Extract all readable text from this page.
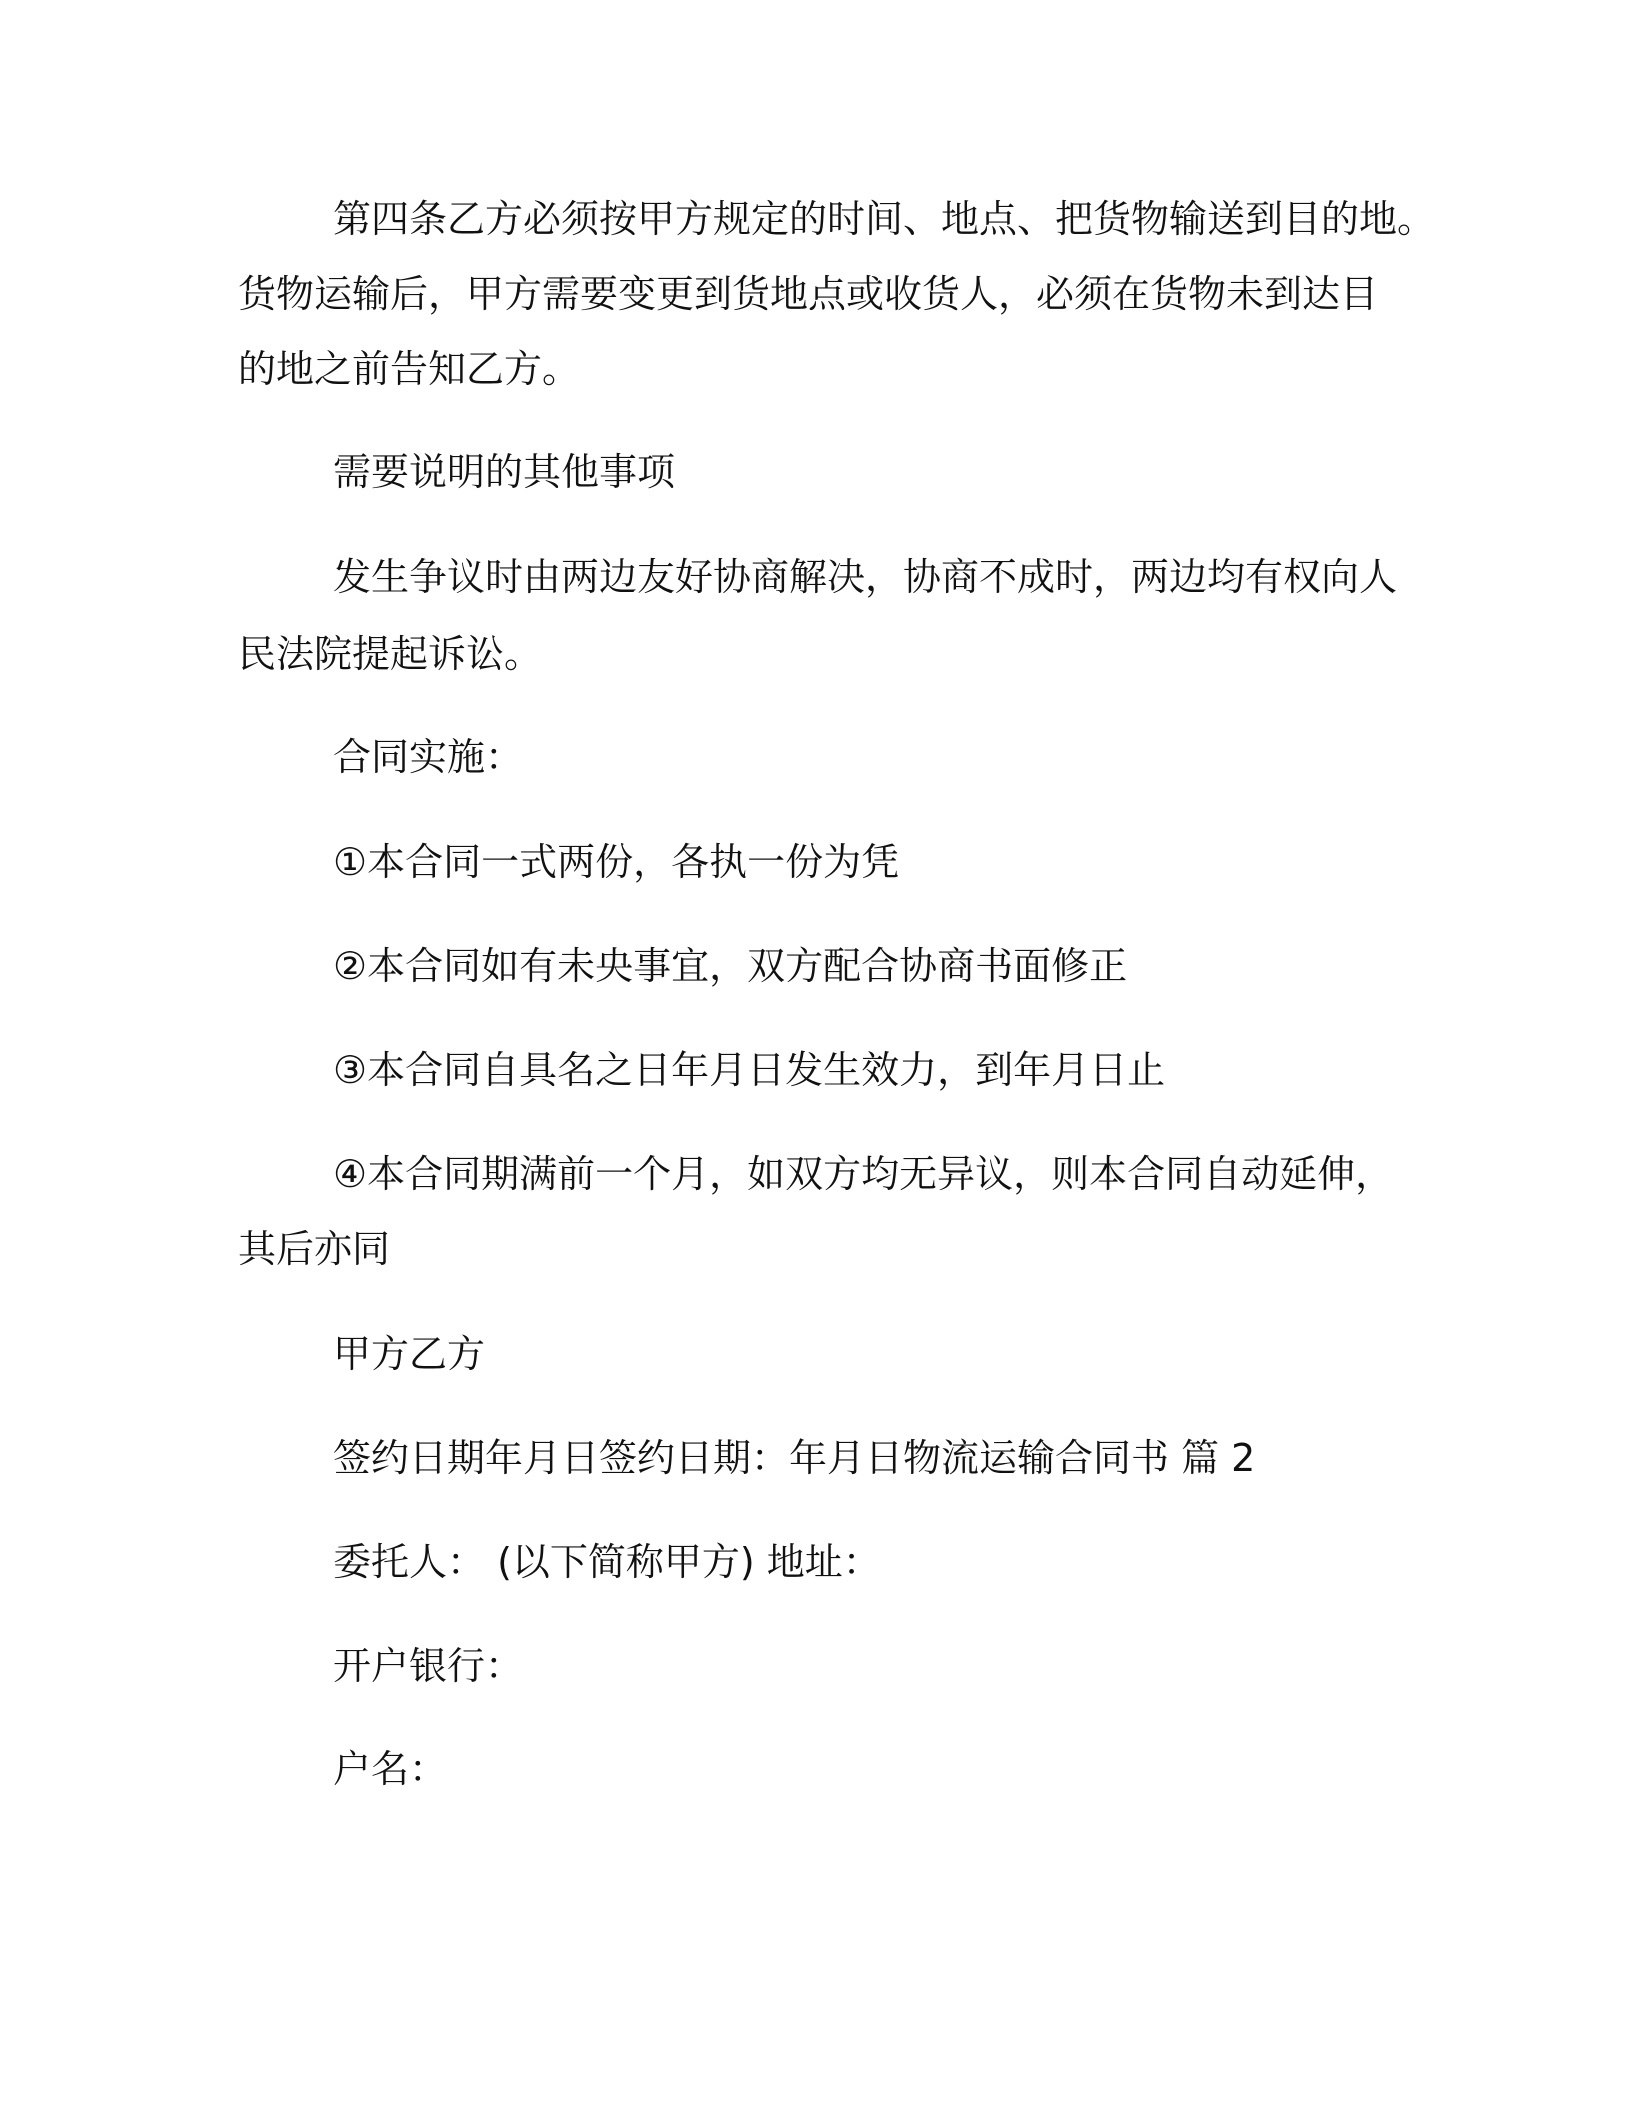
第四条乙方必须按甲方规定的时间、地点、把货物输送到目的地。
货物运输后，甲方需要变更到货地点或收货人，必须在货物未到达目
的地之前告知乙方。
需要说明的其他事项
发生争议时由两边友好协商解决，协商不成时，两边均有权向人
民法院提起诉讼。
合同实施：
①本合同一式两份，各执一份为凭
②本合同如有未央事宜，双方配合协商书面修正
③本合同自具名之日年月日发生效力，到年月日止
④本合同期满前一个月，如双方均无异议，则本合同自动延伸，
其后亦同
甲方乙方
签约日期年月日签约日期：年月日物流运输合同书 篇 2
委托人： (以下简称甲方) 地址：
开户银行：
户名：
